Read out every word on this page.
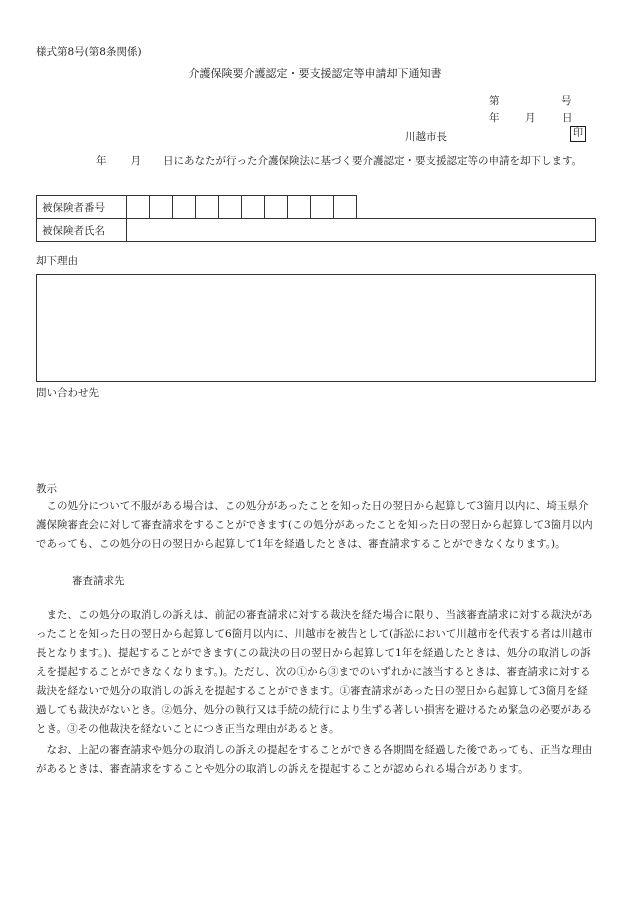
様式第8号(第8条関係)
介護保険要介護認定・要支援認定等申請却下通知書
第	号
年 月	日
川越市長	印
年 月 日にあなたが行った介護保険法に基づく要介護認定・要支援認定等の申請を却下します。
被保険者番号											
被保険者氏名											
却下理由
問い合わせ先
教示
この処分について不服がある場合は、この処分があったことを知った日の翌日から起算して3箇月以内に、埼玉県介護保険審査会に対して審査請求をすることができます(この処分があったことを知った日の翌日から起算して3箇月以内であっても、この処分の日の翌日から起算して1年を経過したときは、審査請求することができなくなります。)。
審査請求先
また、この処分の取消しの訴えは、前記の審査請求に対する裁決を経た場合に限り、当該審査請求に対する裁決があったことを知った日の翌日から起算して6箇月以内に、川越市を被告として(訴訟において川越市を代表する者は川越市長となります。)、提起することができます(この裁決の日の翌日から起算して1年を経過したときは、処分の取消しの訴えを提起することができなくなります。)。ただし、次の①から③までのいずれかに該当するときは、審査請求に対する裁決を経ないで処分の取消しの訴えを提起することができます。①審査請求があった日の翌日から起算して3箇月を経過しても裁決がないとき。②処分、処分の執行又は手続の続行により生ずる著しい損害を避けるため緊急の必要があるとき。③その他裁決を経ないことにつき正当な理由があるとき。
なお、上記の審査請求や処分の取消しの訴えの提起をすることができる各期間を経過した後であっても、正当な理由があるときは、審査請求をすることや処分の取消しの訴えを提起することが認められる場合があります。
